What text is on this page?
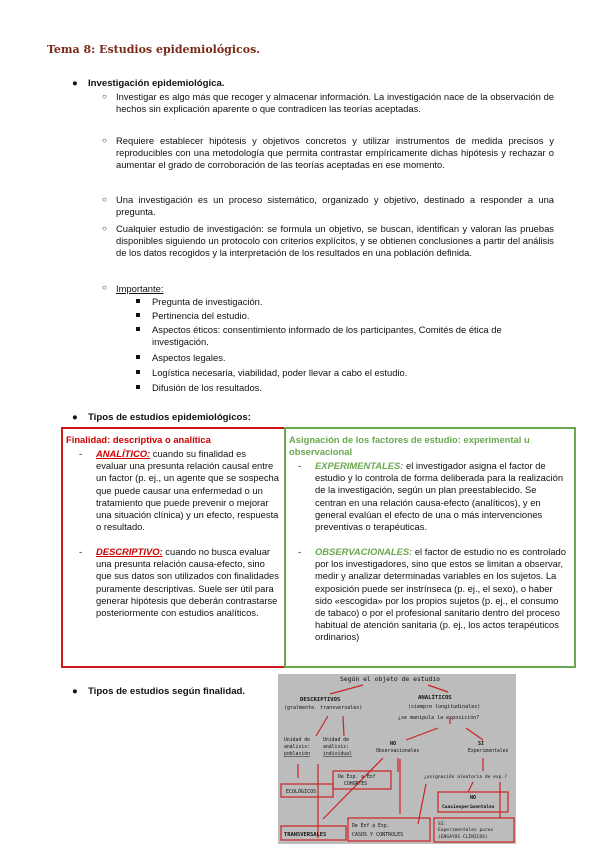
Tema 8: Estudios epidemiológicos.
● Investigación epidemiológica.
○ Investigar es algo más que recoger y almacenar información. La investigación nace de la observación de hechos sin explicación aparente o que contradicen las teorías aceptadas.
○ Requiere establecer hipótesis y objetivos concretos y utilizar instrumentos de medida precisos y reproducibles con una metodología que permita contrastar empíricamente dichas hipótesis y rechazar o aumentar el grado de corroboración de las teorías aceptadas en ese momento.
○ Una investigación es un proceso sistemático, organizado y objetivo, destinado a responder a una pregunta.
○ Cualquier estudio de investigación: se formula un objetivo, se buscan, identifican y valoran las pruebas disponibles siguiendo un protocolo con criterios explícitos, y se obtienen conclusiones a partir del análisis de los datos recogidos y la interpretación de los resultados en una población definida.
○ Importante:
Pregunta de investigación.
Pertinencia del estudio.
Aspectos éticos: consentimiento informado de los participantes, Comités de ética de investigación.
Aspectos legales.
Logística necesaria, viabilidad, poder llevar a cabo el estudio.
Difusión de los resultados.
● Tipos de estudios epidemiológicos:
Finalidad: descriptiva o analítica
- ANALÍTICO: cuando su finalidad es evaluar una presunta relación causal entre un factor (p. ej., un agente que se sospecha que puede causar una enfermedad o un tratamiento que puede prevenir o mejorar una situación clínica) y un efecto, respuesta o resultado.
- DESCRIPTIVO: cuando no busca evaluar una presunta relación causa-efecto, sino que sus datos son utilizados con finalidades puramente descriptivas. Suele ser útil para generar hipótesis que deberán contrastarse posteriormente con estudios analíticos.
Asignación de los factores de estudio: experimental u observacional
- EXPERIMENTALES: el investigador asigna el factor de estudio y lo controla de forma deliberada para la realización de la investigación, según un plan preestablecido. Se centran en una relación causa-efecto (analíticos), y en general evalúan el efecto de una o más intervenciones preventivas o terapéuticas.
- OBSERVACIONALES: el factor de estudio no es controlado por los investigadores, sino que estos se limitan a observar, medir y analizar determinadas variables en los sujetos. La exposición puede ser instrínseca (p. ej., el sexo), o haber sido «escogida» por los propios sujetos (p. ej., el consumo de tabaco) o por el profesional sanitario dentro del proceso habitual de atención sanitaria (p. ej., los actos terapéuticos ordinarios)
● Tipos de estudios según finalidad.
Según el objeto de estudio
DESCRIPTIVOS
(gralmente. transversales)
ANALÍTICOS
(siempre longitudinales)
¿se manipula la exposición?
Unidad de
análisis:
población
Unidad de
análisis:
individual
NO
Observacionales
SI
Experimentales
¿asignación aleatoria de exp.?
ECOLÓGICOS
De Exp. a Enf
COHORTES
NO
Cuasiexperimentales
TRANSVERSALES
De Enf a Exp.
CASOS Y CONTROLES
SI:
Experimentales puros
(ENSAYOS CLÍNICOS)
